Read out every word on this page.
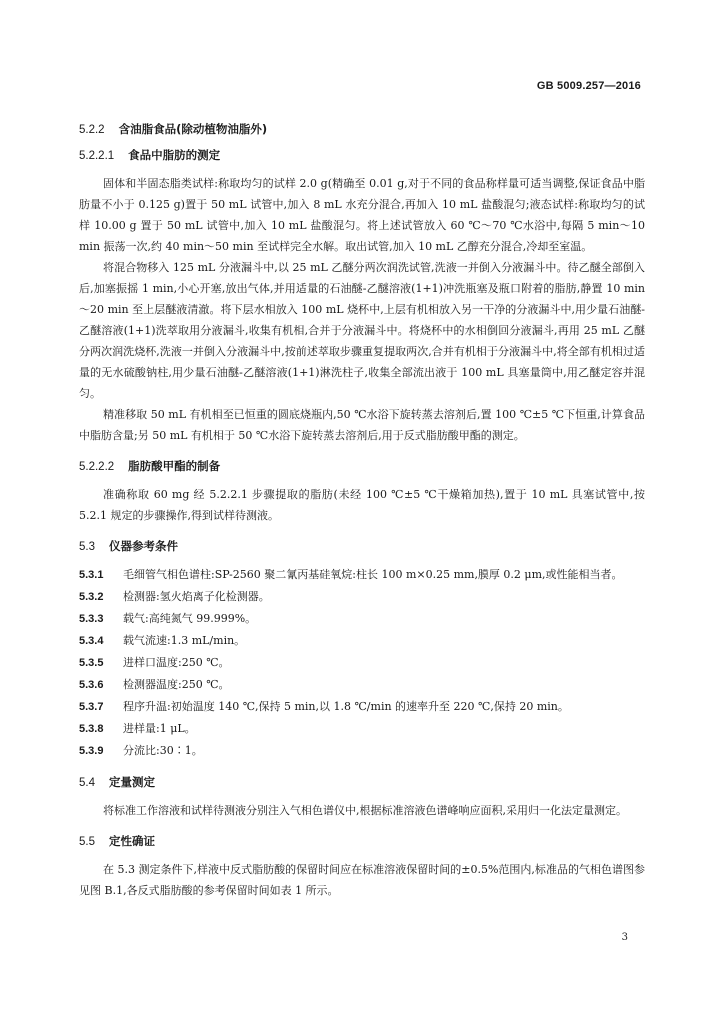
GB 5009.257—2016
5.2.2 含油脂食品(除动植物油脂外)
5.2.2.1 食品中脂肪的测定

固体和半固态脂类试样:称取均匀的试样 2.0 g(精确至 0.01 g,对于不同的食品称样量可适当调整,保证食品中脂肪量不小于 0.125 g)置于 50 mL 试管中,加入 8 mL 水充分混合,再加入 10 mL 盐酸混匀;液态试样:称取均匀的试样 10.00 g 置于 50 mL 试管中,加入 10 mL 盐酸混匀。将上述试管放入 60 ℃～70 ℃水浴中,每隔 5 min～10 min 振荡一次,约 40 min～50 min 至试样完全水解。取出试管,加入 10 mL 乙醇充分混合,冷却至室温。

将混合物移入 125 mL 分液漏斗中,以 25 mL 乙醚分两次润洗试管,洗液一并倒入分液漏斗中。待乙醚全部倒入后,加塞振摇 1 min,小心开塞,放出气体,并用适量的石油醚-乙醚溶液(1+1)冲洗瓶塞及瓶口附着的脂肪,静置 10 min～20 min 至上层醚液清澈。将下层水相放入 100 mL 烧杯中,上层有机相放入另一干净的分液漏斗中,用少量石油醚-乙醚溶液(1+1)洗萃取用分液漏斗,收集有机相,合并于分液漏斗中。将烧杯中的水相倒回分液漏斗,再用 25 mL 乙醚分两次润洗烧杯,洗液一并倒入分液漏斗中,按前述萃取步骤重复提取两次,合并有机相于分液漏斗中,将全部有机相过适量的无水硫酸钠柱,用少量石油醚-乙醚溶液(1+1)淋洗柱子,收集全部流出液于 100 mL 具塞量筒中,用乙醚定容并混匀。

精准移取 50 mL 有机相至已恒重的圆底烧瓶内,50 ℃水浴下旋转蒸去溶剂后,置 100 ℃±5 ℃下恒重,计算食品中脂肪含量;另 50 mL 有机相于 50 ℃水浴下旋转蒸去溶剂后,用于反式脂肪酸甲酯的测定。

5.2.2.2 脂肪酸甲酯的制备

准确称取 60 mg 经 5.2.2.1 步骤提取的脂肪(未经 100 ℃±5 ℃干燥箱加热),置于 10 mL 具塞试管中,按 5.2.1 规定的步骤操作,得到试样待测液。

5.3 仪器参考条件

5.3.1 毛细管气相色谱柱:SP-2560 聚二氰丙基硅氧烷:柱长 100 m×0.25 mm,膜厚 0.2 μm,或性能相当者。

5.3.2 检测器:氢火焰离子化检测器。

5.3.3 载气:高纯氮气 99.999%。

5.3.4 载气流速:1.3 mL/min。

5.3.5 进样口温度:250 ℃。

5.3.6 检测器温度:250 ℃。

5.3.7 程序升温:初始温度 140 ℃,保持 5 min,以 1.8 ℃/min 的速率升至 220 ℃,保持 20 min。

5.3.8 进样量:1 μL。

5.3.9 分流比:30∶1。

5.4 定量测定

将标准工作溶液和试样待测液分别注入气相色谱仪中,根据标准溶液色谱峰响应面积,采用归一化法定量测定。

5.5 定性确证

在 5.3 测定条件下,样液中反式脂肪酸的保留时间应在标准溶液保留时间的±0.5%范围内,标准品的气相色谱图参见图 B.1,各反式脂肪酸的参考保留时间如表 1 所示。

3
